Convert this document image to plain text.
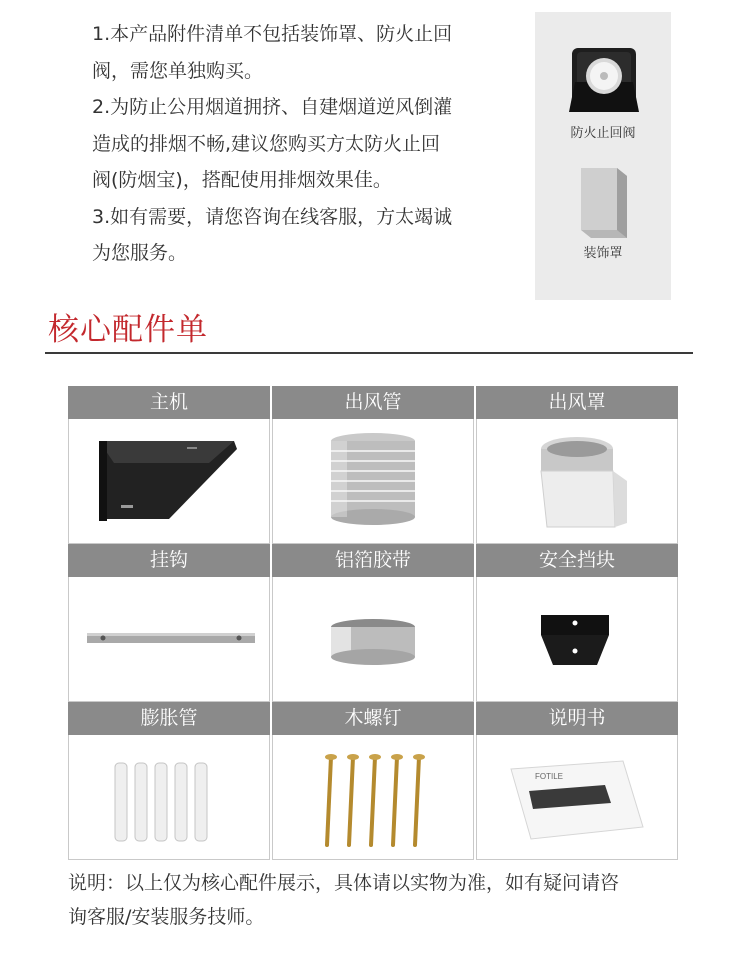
1.本产品附件清单不包括装饰罩、防火止回

阀，需您单独购买。

2.为防止公用烟道拥挤、自建烟道逆风倒灌

造成的排烟不畅,建议您购买方太防火止回

阀(防烟宝)，搭配使用排烟效果佳。

3.如有需要，请您咨询在线客服，方太竭诚

为您服务。

防火止回阀
装饰罩
核心配件单
主机	出风管	出风罩
挂钩	铝箔胶带	安全挡块
膨胀管	木螺钉	说明书
FOTILE
说明：以上仅为核心配件展示，具体请以实物为准，如有疑问请咨
询客服/安装服务技师。
